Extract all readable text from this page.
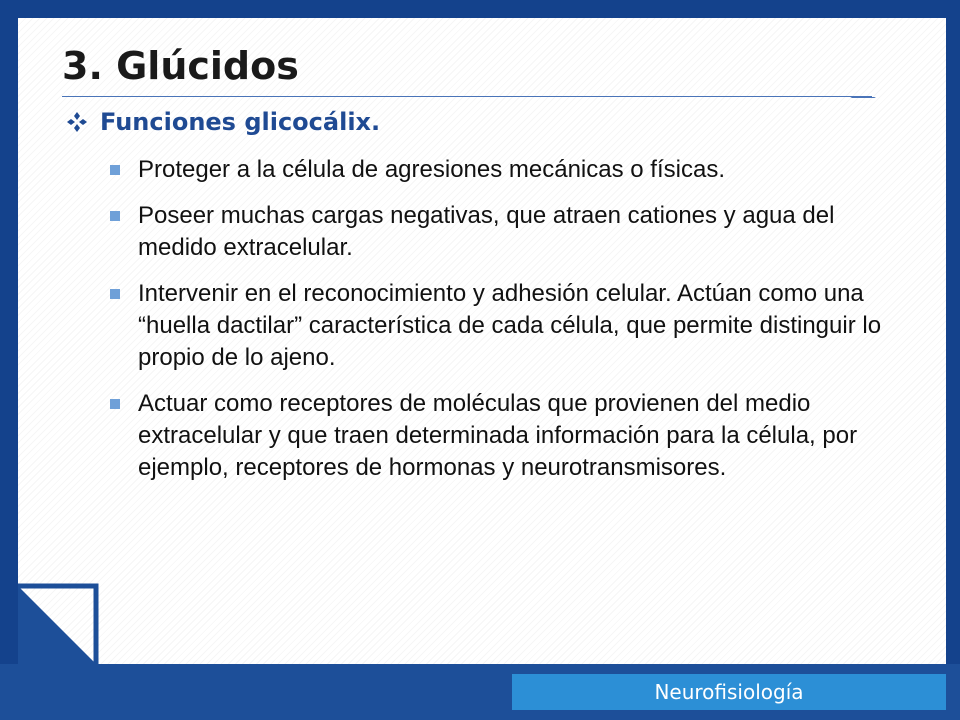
3. Glúcidos
Funciones glicocálix.
Proteger a la célula de agresiones mecánicas o físicas.
Poseer muchas cargas negativas, que atraen cationes y agua del medido extracelular.
Intervenir en el reconocimiento y adhesión celular. Actúan como una “huella dactilar” característica de cada célula, que permite distinguir lo propio de lo ajeno.
Actuar como receptores de moléculas que provienen del medio extracelular y que traen determinada información para la célula, por ejemplo, receptores de hormonas y neurotransmisores.
Neurofisiología
